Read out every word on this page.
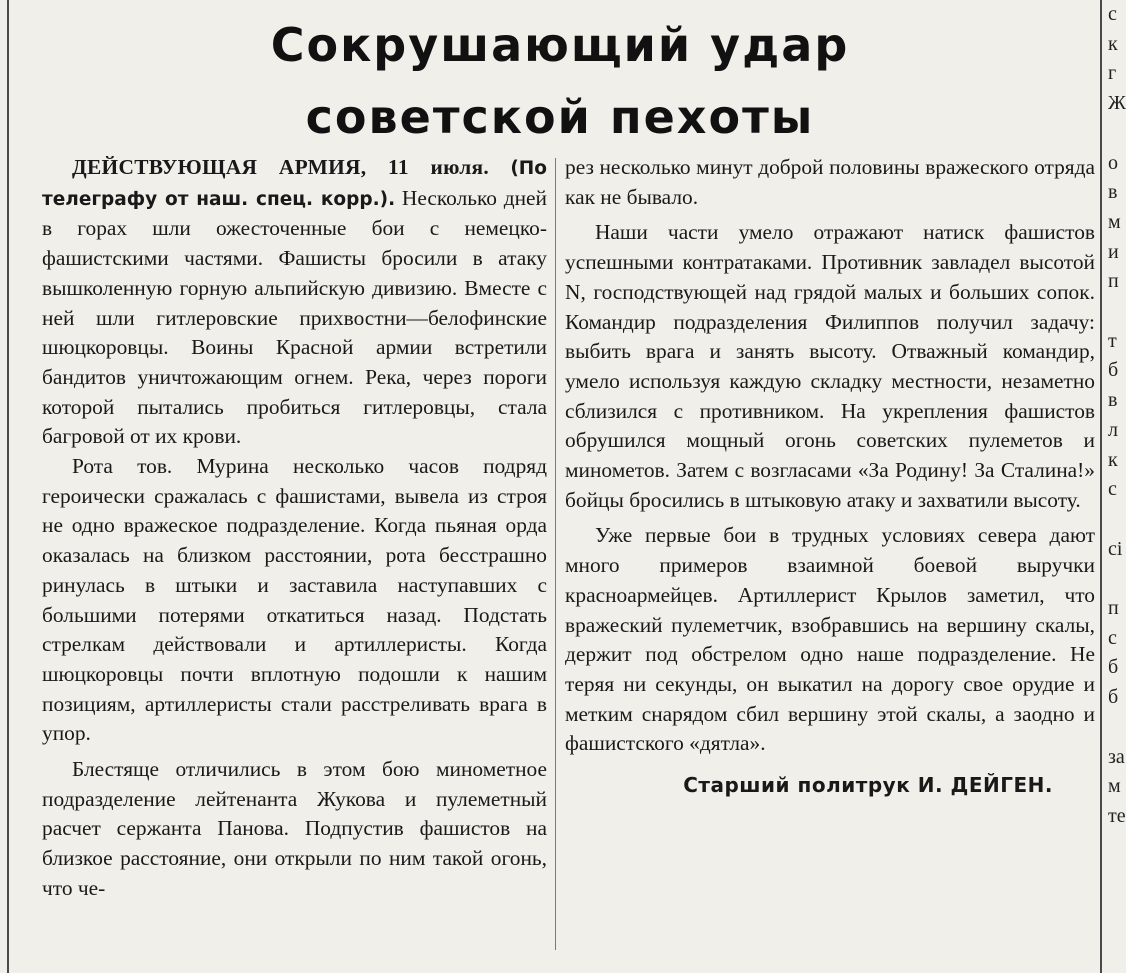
Сокрушающий удар
советской пехоты

ДЕЙСТВУЮЩАЯ АРМИЯ, 11 июля. (По телеграфу от наш. спец. корр.). Несколько дней в горах шли ожесточенные бои с немецко-фашистскими частями. Фашисты бросили в атаку вышколенную горную альпийскую дивизию. Вместе с ней шли гитлеровские прихвостни—белофинские шюцкоровцы. Воины Красной армии встретили бандитов уничтожающим огнем. Река, через пороги которой пытались пробиться гитлеровцы, стала багровой от их крови.

Рота тов. Мурина несколько часов подряд героически сражалась с фашистами, вывела из строя не одно вражеское подразделение. Когда пьяная орда оказалась на близком расстоянии, рота бесстрашно ринулась в штыки и заставила наступавших с большими потерями откатиться назад. Подстать стрелкам действовали и артиллеристы. Когда шюцкоровцы почти вплотную подошли к нашим позициям, артиллеристы стали расстреливать врага в упор.

Блестяще отличились в этом бою минометное подразделение лейтенанта Жукова и пулеметный расчет сержанта Панова. Подпустив фашистов на близкое расстояние, они открыли по ним такой огонь, что че-

рез несколько минут доброй половины вражеского отряда как не бывало.

Наши части умело отражают натиск фашистов успешными контратаками. Противник завладел высотой N, господствующей над грядой малых и больших сопок. Командир подразделения Филиппов получил задачу: выбить врага и занять высоту. Отважный командир, умело используя каждую складку местности, незаметно сблизился с противником. На укрепления фашистов обрушился мощный огонь советских пулеметов и минометов. Затем с возгласами «За Родину! За Сталина!» бойцы бросились в штыковую атаку и захватили высоту.

Уже первые бои в трудных условиях севера дают много примеров взаимной боевой выручки красноармейцев. Артиллерист Крылов заметил, что вражеский пулеметчик, взобравшись на вершину скалы, держит под обстрелом одно наше подразделение. Не теряя ни секунды, он выкатил на дорогу свое орудие и метким снарядом сбил вершину этой скалы, а заодно и фашистского «дятла».

Старший политрук И. ДЕЙГЕН.
с
к
г
Ж

о
в
м
и
п

т
б
в
л
к
с

сі

п
с
б
б

за
м
те
